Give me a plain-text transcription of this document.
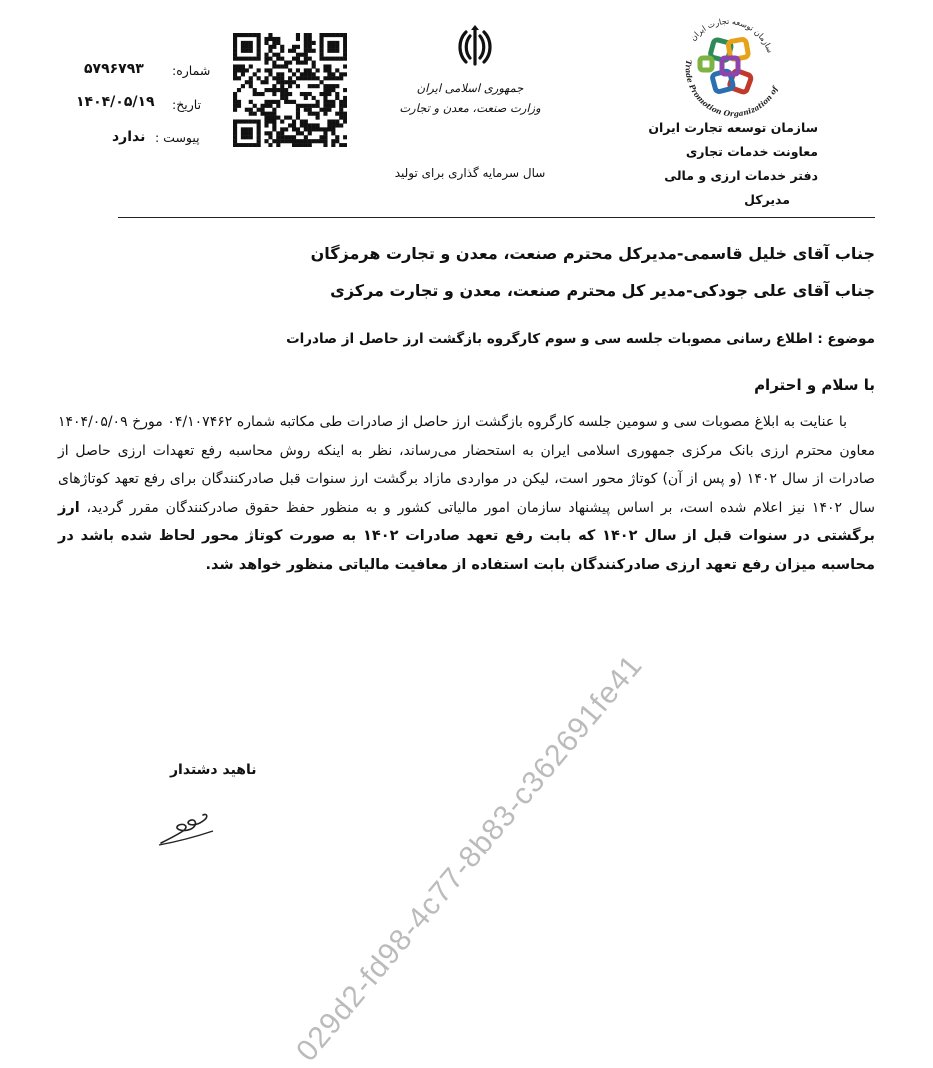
سازمان توسعه تجارت ایران
Trade Promotion Organization of
سازمان توسعه تجارت ایران
معاونت خدمات تجاری
دفتر خدمات ارزی و مالی
مدیرکل
جمهوری اسلامی ایران
وزارت صنعت، معدن و تجارت
سال سرمایه گذاری برای تولید
شماره:
۵۷۹۶۷۹۳
تاریخ:
۱۴۰۴/۰۵/۱۹
پیوست :
ندارد
جناب آقای خلیل قاسمی-مدیرکل محترم صنعت، معدن و تجارت هرمزگان
جناب آقای علی جودکی-مدیر کل محترم صنعت، معدن و تجارت مرکزی
موضوع : اطلاع رسانی مصوبات جلسه سی و سوم کارگروه بازگشت ارز حاصل از صادرات
با سلام و احترام

با عنایت به ابلاغ مصوبات سی و سومین جلسه کارگروه بازگشت ارز حاصل از صادرات طی مکاتبه شماره ۰۴/۱۰۷۴۶۲ مورخ ۱۴۰۴/۰۵/۰۹ معاون محترم ارزی بانک مرکزی جمهوری اسلامی ایران به استحضار می‌رساند، نظر به اینکه روش محاسبه رفع تعهدات ارزی حاصل از صادرات از سال ۱۴۰۲ (و پس از آن) کوتاژ محور است، لیکن در مواردی مازاد برگشت ارز سنوات قبل صادرکنندگان برای رفع تعهد کوتاژهای سال ۱۴۰۲ نیز اعلام شده است، بر اساس پیشنهاد سازمان امور مالیاتی کشور و به منظور حفظ حقوق صادرکنندگان مقرر گردید، ارز برگشتی در سنوات قبل از سال ۱۴۰۲ که بابت رفع تعهد صادرات ۱۴۰۲ به صورت کوتاژ محور لحاظ شده باشد در محاسبه میزان رفع تعهد ارزی صادرکنندگان بابت استفاده از معافیت مالیاتی منظور خواهد شد.

ناهید دشتدار 029d2-fd98-4c77-8b83-c362691fe41
